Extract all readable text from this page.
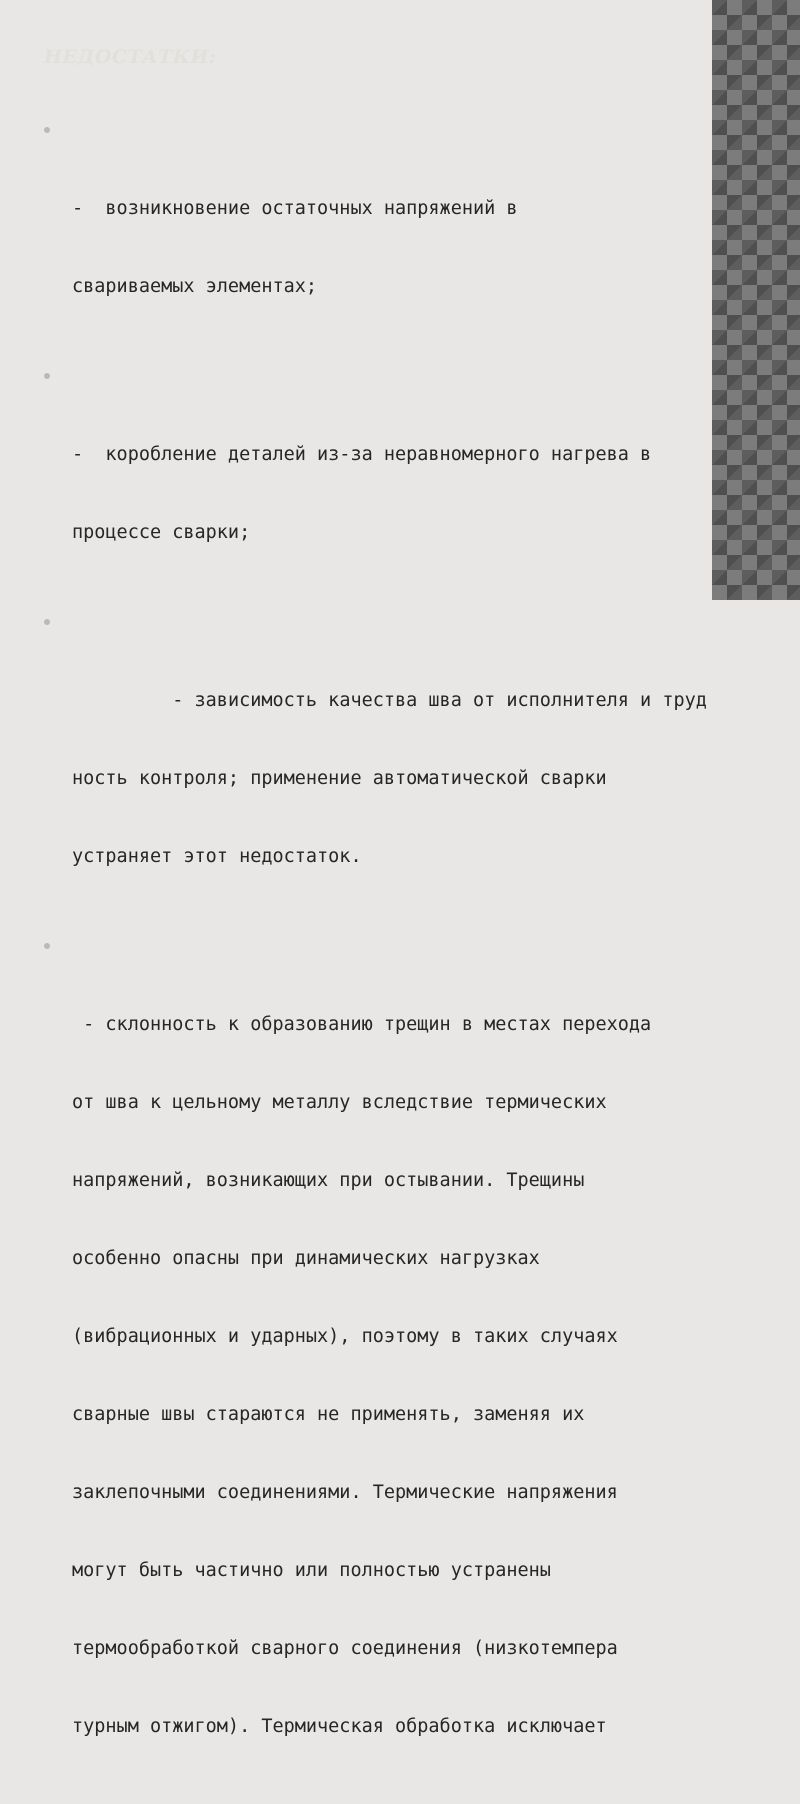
НЕДОСТАТКИ:

-  возникновение остаточных напряжений в

свариваемых элементах;

-  коробление деталей из-за неравномерного нагрева в

процессе сварки;

- зависимость качества шва от исполнителя и труд

ность контроля; применение автоматической сварки

устраняет этот недостаток.

- склонность к образованию трещин в местах перехода

от шва к цельному металлу вследствие термических

напряжений, возникающих при остывании. Трещины

особенно опасны при динамических нагрузках

(вибрационных и ударных), поэтому в таких случаях

сварные швы стараются не применять, заменяя их

заклепочными соединениями. Термические напряжения

могут быть частично или полностью устранены

термообработкой сварного соединения (низкотемпера

турным отжигом). Термическая обработка исключает
